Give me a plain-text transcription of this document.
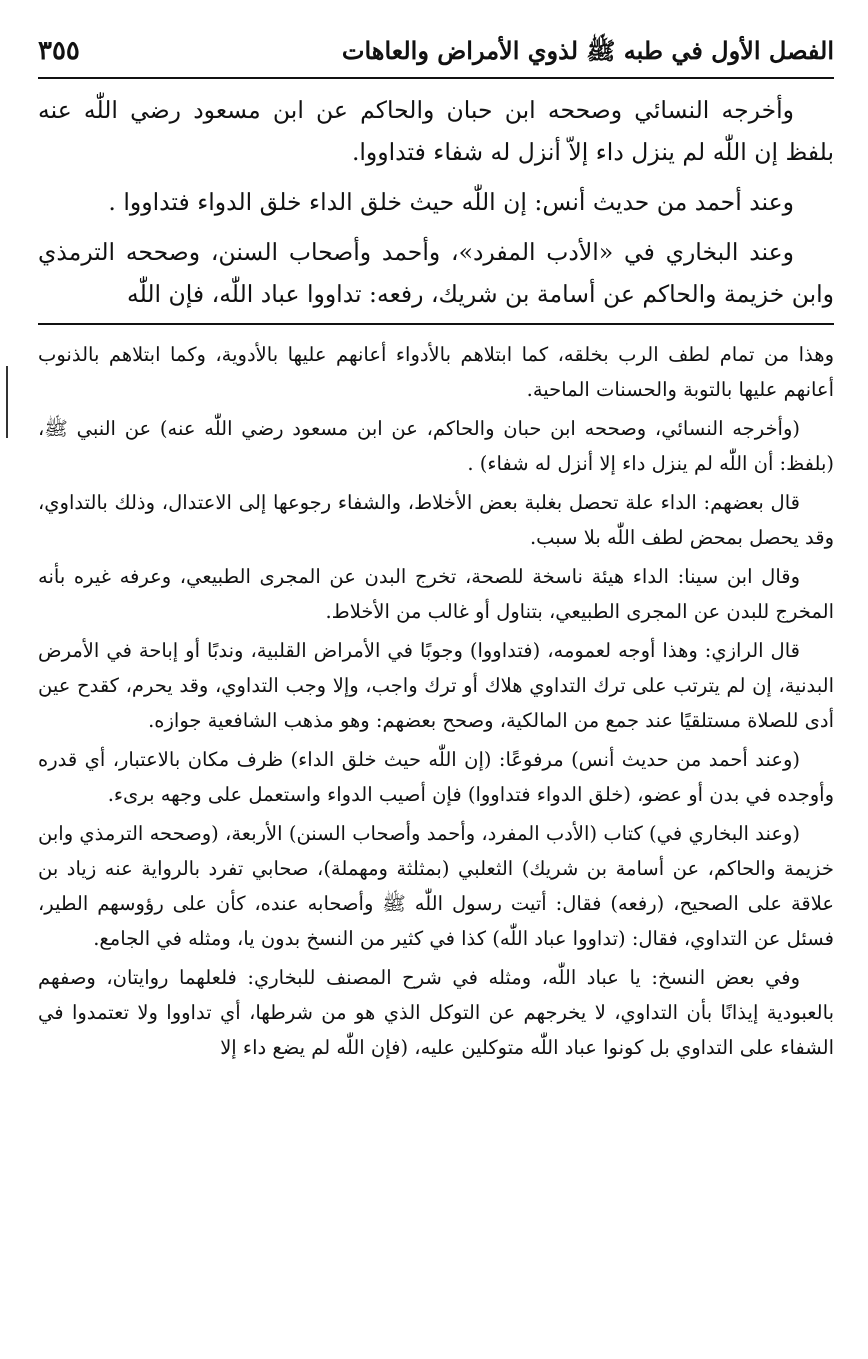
الفصل الأول في طبه ﷺ لذوي الأمراض والعاهات
٣٥٥

وأخرجه النسائي وصححه ابن حبان والحاكم عن ابن مسعود رضي اللّٰه عنه بلفظ إن اللّٰه لم ينزل داء إلاّ أنزل له شفاء فتداووا.

وعند أحمد من حديث أنس: إن اللّٰه حيث خلق الداء خلق الدواء فتداووا .

وعند البخاري في «الأدب المفرد»، وأحمد وأصحاب السنن، وصححه الترمذي وابن خزيمة والحاكم عن أسامة بن شريك، رفعه: تداووا عباد اللّٰه، فإن اللّٰه

وهذا من تمام لطف الرب بخلقه، كما ابتلاهم بالأدواء أعانهم عليها بالأدوية، وكما ابتلاهم بالذنوب أعانهم عليها بالتوبة والحسنات الماحية.

(وأخرجه النسائي، وصححه ابن حبان والحاكم، عن ابن مسعود رضي اللّٰه عنه) عن النبي ﷺ، (بلفظ: أن اللّٰه لم ينزل داء إلا أنزل له شفاء) .

قال بعضهم: الداء علة تحصل بغلبة بعض الأخلاط، والشفاء رجوعها إلى الاعتدال، وذلك بالتداوي، وقد يحصل بمحض لطف اللّٰه بلا سبب.

وقال ابن سينا: الداء هيئة ناسخة للصحة، تخرج البدن عن المجرى الطبيعي، وعرفه غيره بأنه المخرج للبدن عن المجرى الطبيعي، بتناول أو غالب من الأخلاط.

قال الرازي: وهذا أوجه لعمومه، (فتداووا) وجوبًا في الأمراض القلبية، وندبًا أو إباحة في الأمرض البدنية، إن لم يترتب على ترك التداوي هلاك أو ترك واجب، وإلا وجب التداوي، وقد يحرم، كقدح عين أدى للصلاة مستلقيًا عند جمع من المالكية، وصحح بعضهم: وهو مذهب الشافعية جوازه.

(وعند أحمد من حديث أنس) مرفوعًا: (إن اللّٰه حيث خلق الداء) ظرف مكان بالاعتبار، أي قدره وأوجده في بدن أو عضو، (خلق الدواء فتداووا) فإن أصيب الدواء واستعمل على وجهه برىء.

(وعند البخاري في) كتاب (الأدب المفرد، وأحمد وأصحاب السنن) الأربعة، (وصححه الترمذي وابن خزيمة والحاكم، عن أسامة بن شريك) الثعلبي (بمثلثة ومهملة)، صحابي تفرد بالرواية عنه زياد بن علاقة على الصحيح، (رفعه) فقال: أتيت رسول اللّٰه ﷺ وأصحابه عنده، كأن على رؤوسهم الطير، فسئل عن التداوي، فقال: (تداووا عباد اللّٰه) كذا في كثير من النسخ بدون يا، ومثله في الجامع.

وفي بعض النسخ: يا عباد اللّٰه، ومثله في شرح المصنف للبخاري: فلعلهما روايتان، وصفهم بالعبودية إيذانًا بأن التداوي، لا يخرجهم عن التوكل الذي هو من شرطها، أي تداووا ولا تعتمدوا في الشفاء على التداوي بل كونوا عباد اللّٰه متوكلين عليه، (فإن اللّٰه لم يضع داء إلا
